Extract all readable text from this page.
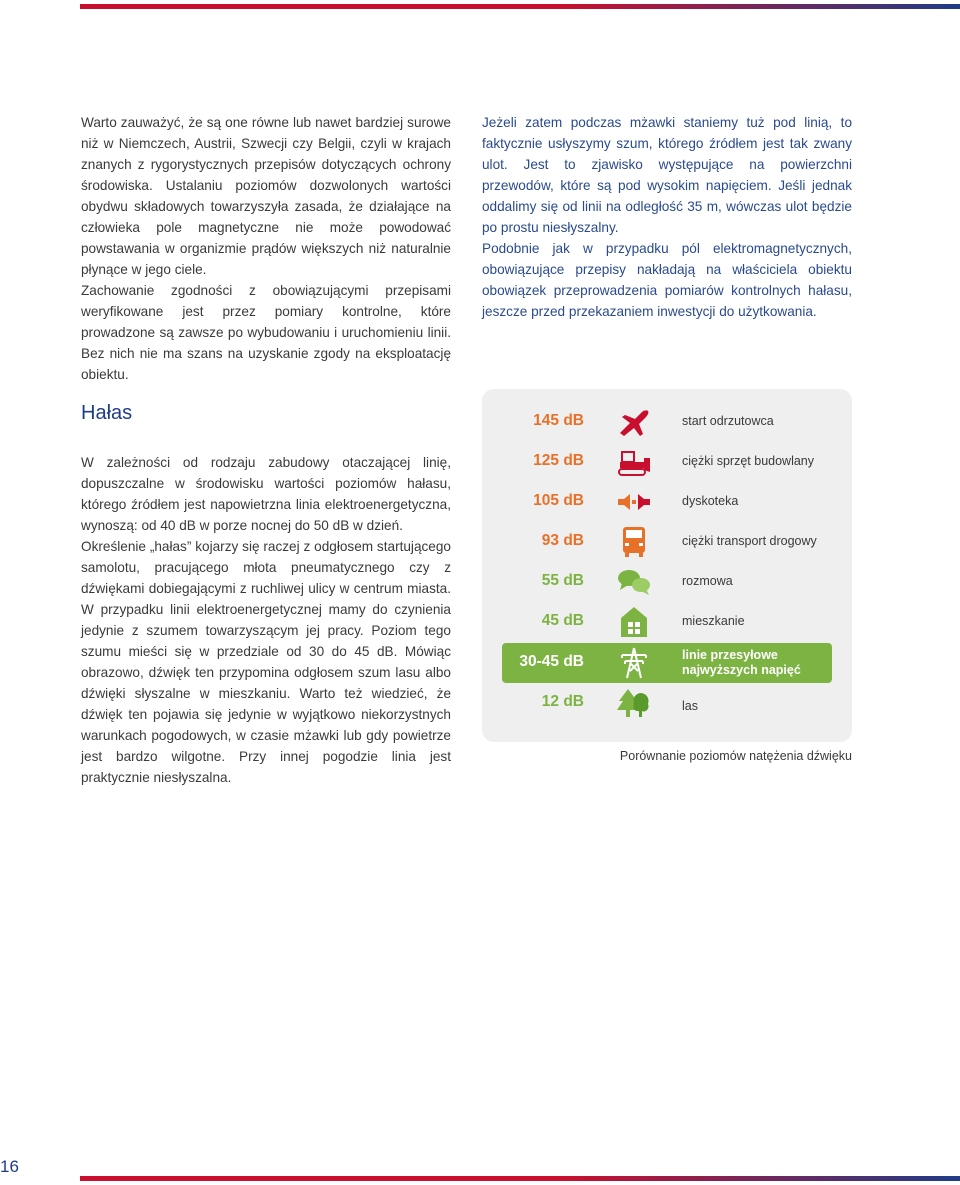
Warto zauważyć, że są one równe lub nawet bardziej surowe niż w Niemczech, Austrii, Szwecji czy Belgii, czyli w krajach znanych z rygorystycznych przepisów dotyczących ochrony środowiska. Ustalaniu poziomów dozwolonych wartości obydwu składowych towarzyszyła zasada, że działające na człowieka pole magnetyczne nie może powodować powstawania w organizmie prądów większych niż naturalnie płynące w jego ciele.

Zachowanie zgodności z obowiązującymi przepisami weryfikowane jest przez pomiary kontrolne, które prowadzone są zawsze po wybudowaniu i uruchomieniu linii. Bez nich nie ma szans na uzyskanie zgody na eksploatację obiektu.

Jeżeli zatem podczas mżawki staniemy tuż pod linią, to faktycznie usłyszymy szum, którego źródłem jest tak zwany ulot. Jest to zjawisko występujące na powierzchni przewodów, które są pod wysokim napięciem. Jeśli jednak oddalimy się od linii na odległość 35 m, wówczas ulot będzie po prostu niesłyszalny.

Podobnie jak w przypadku pól elektromagnetycznych, obowiązujące przepisy nakładają na właściciela obiektu obowiązek przeprowadzenia pomiarów kontrolnych hałasu, jeszcze przed przekazaniem inwestycji do użytkowania.

Hałas

W zależności od rodzaju zabudowy otaczającej linię, dopuszczalne w środowisku wartości poziomów hałasu, którego źródłem jest napowietrzna linia elektroenergetyczna, wynoszą: od 40 dB w porze nocnej do 50 dB w dzień.

Określenie „hałas” kojarzy się raczej z odgłosem startującego samolotu, pracującego młota pneumatycznego czy z dźwiękami dobiegającymi z ruchliwej ulicy w centrum miasta. W przypadku linii elektroenergetycznej mamy do czynienia jedynie z szumem towarzyszącym jej pracy. Poziom tego szumu mieści się w przedziale od 30 do 45 dB. Mówiąc obrazowo, dźwięk ten przypomina odgłosem szum lasu albo dźwięki słyszalne w mieszkaniu. Warto też wiedzieć, że dźwięk ten pojawia się jedynie w wyjątkowo niekorzystnych warunkach pogodowych, w czasie mżawki lub gdy powietrze jest bardzo wilgotne. Przy innej pogodzie linia jest praktycznie niesłyszalna.

145 dB	start odrzutowca
125 dB	ciężki sprzęt budowlany
105 dB	dyskoteka
93 dB	ciężki transport drogowy
55 dB	rozmowa
45 dB	mieszkanie
30-45 dB	linie przesyłowe
najwyższych napięć
12 dB	las
Porównanie poziomów natężenia dźwięku
16
